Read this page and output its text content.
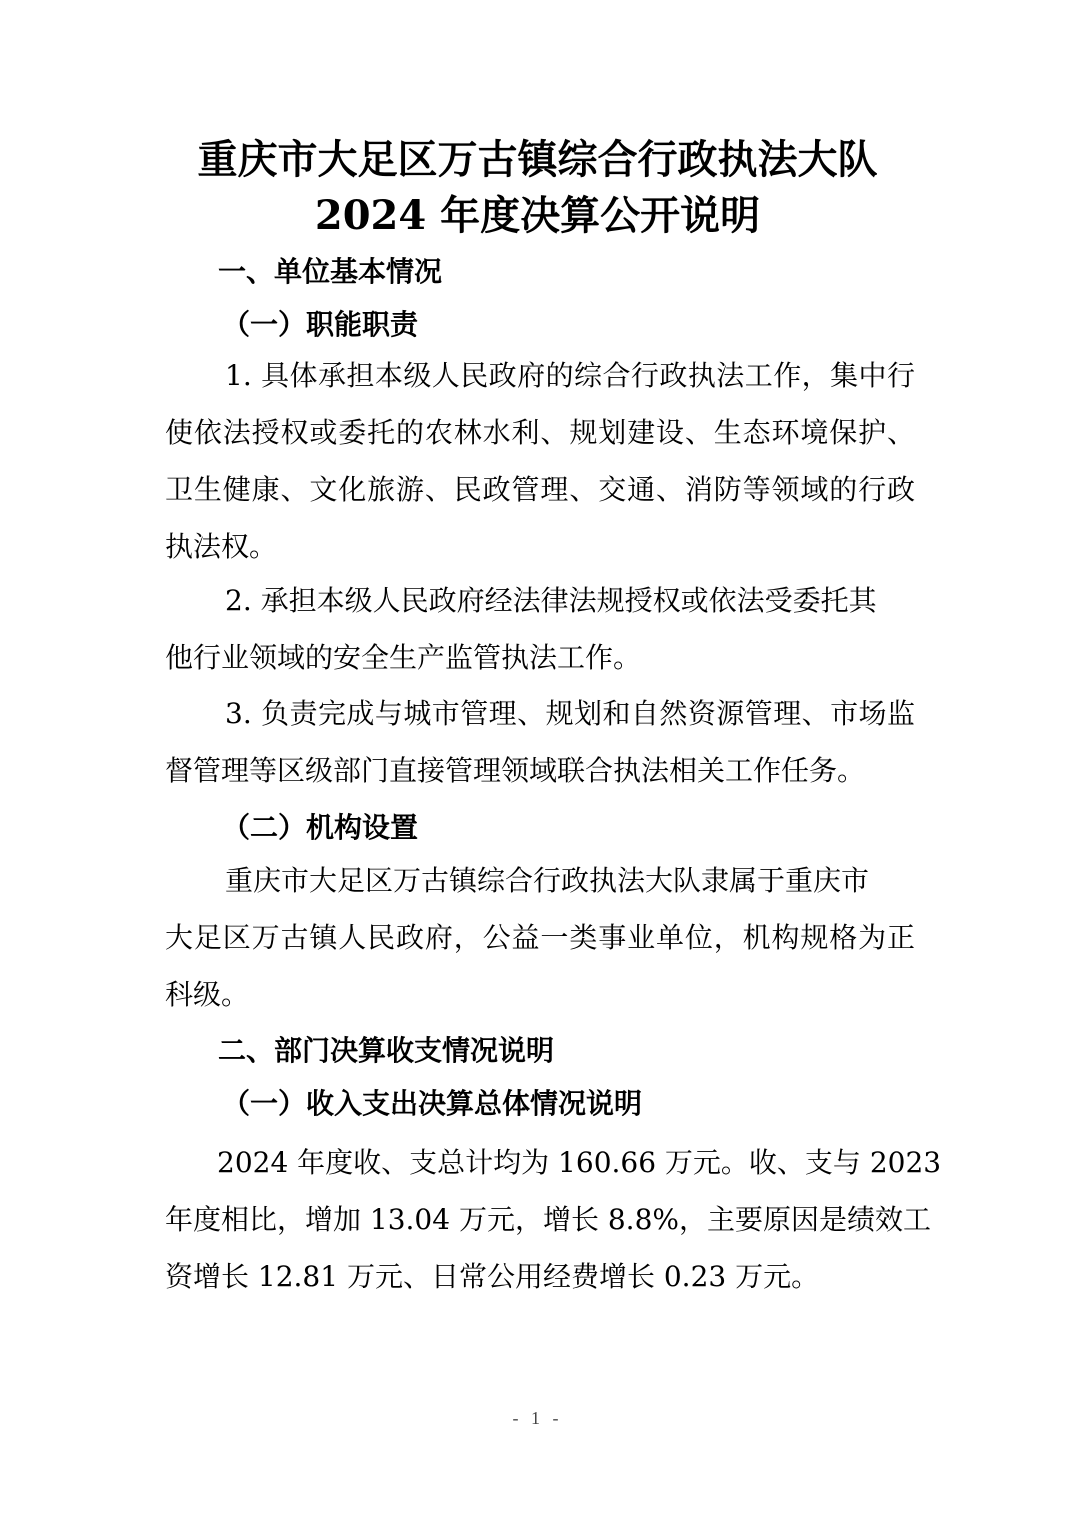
重庆市大足区万古镇综合行政执法大队
2024 年度决算公开说明
一、单位基本情况
（一）职能职责
1. 具体承担本级人民政府的综合行政执法工作，集中行
使依法授权或委托的农林水利、规划建设、生态环境保护、
卫生健康、文化旅游、民政管理、交通、消防等领域的行政
执法权。
2. 承担本级人民政府经法律法规授权或依法受委托其
他行业领域的安全生产监管执法工作。
3. 负责完成与城市管理、规划和自然资源管理、市场监
督管理等区级部门直接管理领域联合执法相关工作任务。
（二）机构设置
重庆市大足区万古镇综合行政执法大队隶属于重庆市
大足区万古镇人民政府，公益一类事业单位，机构规格为正
科级。
二、部门决算收支情况说明
（一）收入支出决算总体情况说明
2024 年度收、支总计均为 160.66 万元。收、支与 2023
年度相比，增加 13.04 万元，增长 8.8%，主要原因是绩效工
资增长 12.81 万元、日常公用经费增长 0.23 万元。
- 1 -
